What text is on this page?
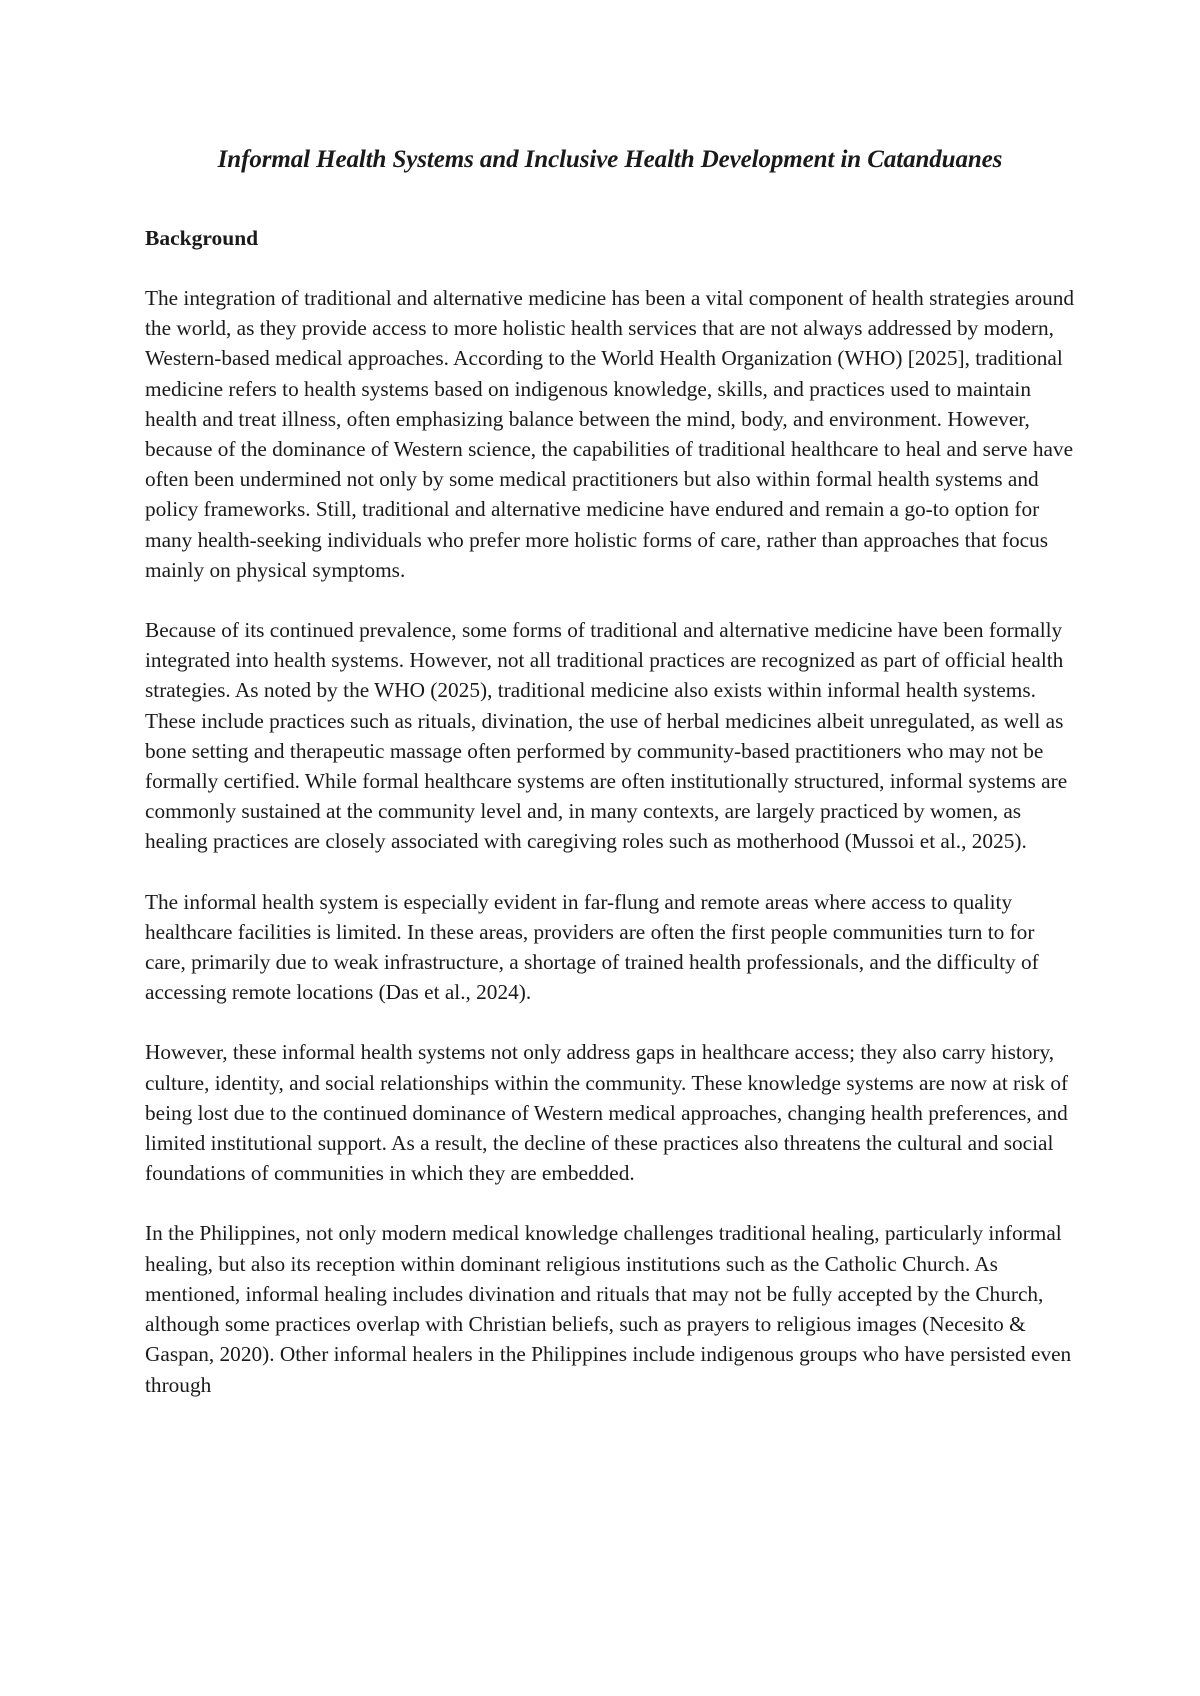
Informal Health Systems and Inclusive Health Development in Catanduanes
Background

The integration of traditional and alternative medicine has been a vital component of health strategies around the world, as they provide access to more holistic health services that are not always addressed by modern, Western-based medical approaches. According to the World Health Organization (WHO) [2025], traditional medicine refers to health systems based on indigenous knowledge, skills, and practices used to maintain health and treat illness, often emphasizing balance between the mind, body, and environment. However, because of the dominance of Western science, the capabilities of traditional healthcare to heal and serve have often been undermined not only by some medical practitioners but also within formal health systems and policy frameworks. Still, traditional and alternative medicine have endured and remain a go-to option for many health-seeking individuals who prefer more holistic forms of care, rather than approaches that focus mainly on physical symptoms.

Because of its continued prevalence, some forms of traditional and alternative medicine have been formally integrated into health systems. However, not all traditional practices are recognized as part of official health strategies. As noted by the WHO (2025), traditional medicine also exists within informal health systems. These include practices such as rituals, divination, the use of herbal medicines albeit unregulated, as well as bone setting and therapeutic massage often performed by community-based practitioners who may not be formally certified. While formal healthcare systems are often institutionally structured, informal systems are commonly sustained at the community level and, in many contexts, are largely practiced by women, as healing practices are closely associated with caregiving roles such as motherhood (Mussoi et al., 2025).

The informal health system is especially evident in far-flung and remote areas where access to quality healthcare facilities is limited. In these areas, providers are often the first people communities turn to for care, primarily due to weak infrastructure, a shortage of trained health professionals, and the difficulty of accessing remote locations (Das et al., 2024).

However, these informal health systems not only address gaps in healthcare access; they also carry history, culture, identity, and social relationships within the community. These knowledge systems are now at risk of being lost due to the continued dominance of Western medical approaches, changing health preferences, and limited institutional support. As a result, the decline of these practices also threatens the cultural and social foundations of communities in which they are embedded.

In the Philippines, not only modern medical knowledge challenges traditional healing, particularly informal healing, but also its reception within dominant religious institutions such as the Catholic Church. As mentioned, informal healing includes divination and rituals that may not be fully accepted by the Church, although some practices overlap with Christian beliefs, such as prayers to religious images (Necesito & Gaspan, 2020). Other informal healers in the Philippines include indigenous groups who have persisted even through
